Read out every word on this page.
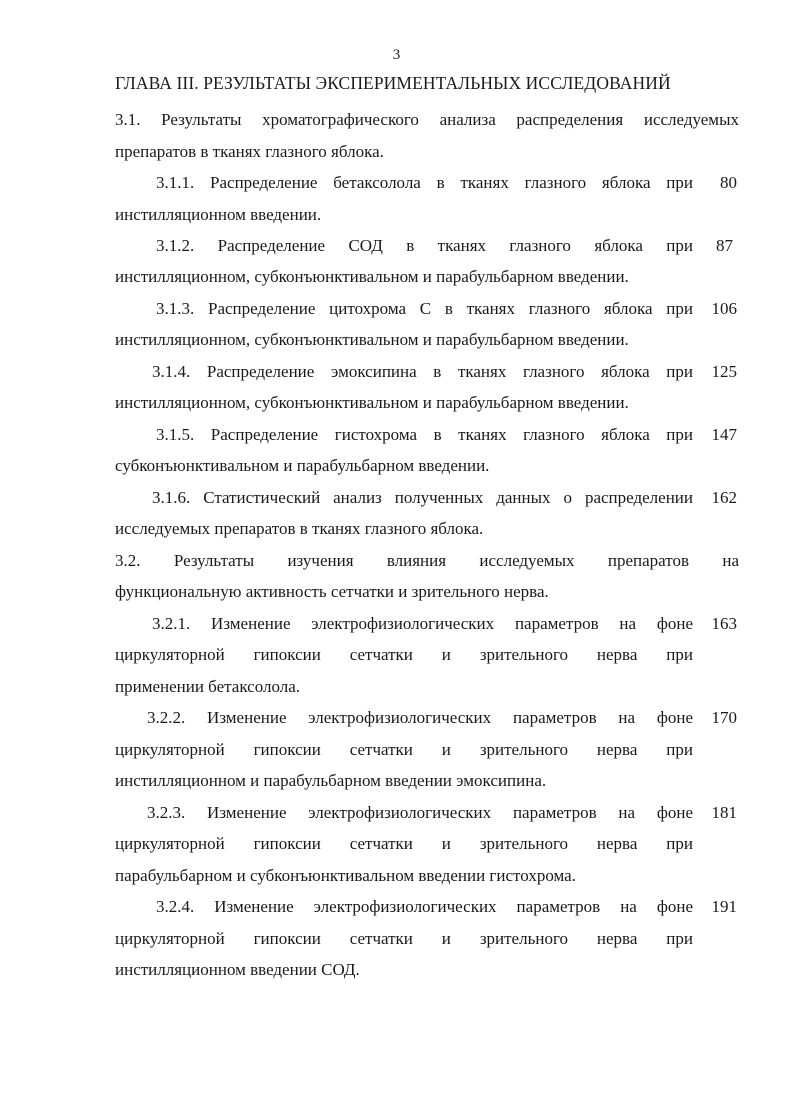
3
ГЛАВА III. РЕЗУЛЬТАТЫ ЭКСПЕРИМЕНТАЛЬНЫХ ИССЛЕДОВАНИЙ
3.1. Результаты хроматографического анализа распределения исследуемых
препаратов в тканях глазного яблока.
3.1.1. Распределение бетаксолола в тканях глазного яблока при	80
инстилляционном введении.
3.1.2. Распределение СОД в тканях глазного яблока при	87
инстилляционном, субконъюнктивальном и парабульбарном введении.
3.1.3. Распределение цитохрома С в тканях глазного яблока при	106
инстилляционном, субконъюнктивальном и парабульбарном введении.
3.1.4. Распределение эмоксипина в тканях глазного яблока при	125
инстилляционном, субконъюнктивальном и парабульбарном введении.
3.1.5. Распределение гистохрома в тканях глазного яблока при	147
субконъюнктивальном и парабульбарном введении.
3.1.6. Статистический анализ полученных данных о распределении	162
исследуемых препаратов в тканях глазного яблока.
3.2. Результаты изучения влияния исследуемых препаратов на
функциональную активность сетчатки и зрительного нерва.
3.2.1. Изменение электрофизиологических параметров на фоне	163
циркуляторной гипоксии сетчатки и зрительного нерва при
применении бетаксолола.
3.2.2. Изменение электрофизиологических параметров на фоне	170
циркуляторной гипоксии сетчатки и зрительного нерва при
инстилляционном и парабульбарном введении эмоксипина.
3.2.3. Изменение электрофизиологических параметров на фоне	181
циркуляторной гипоксии сетчатки и зрительного нерва при
парабульбарном и субконъюнктивальном введении гистохрома.
3.2.4. Изменение электрофизиологических параметров на фоне	191
циркуляторной гипоксии сетчатки и зрительного нерва при
инстилляционном введении СОД.
